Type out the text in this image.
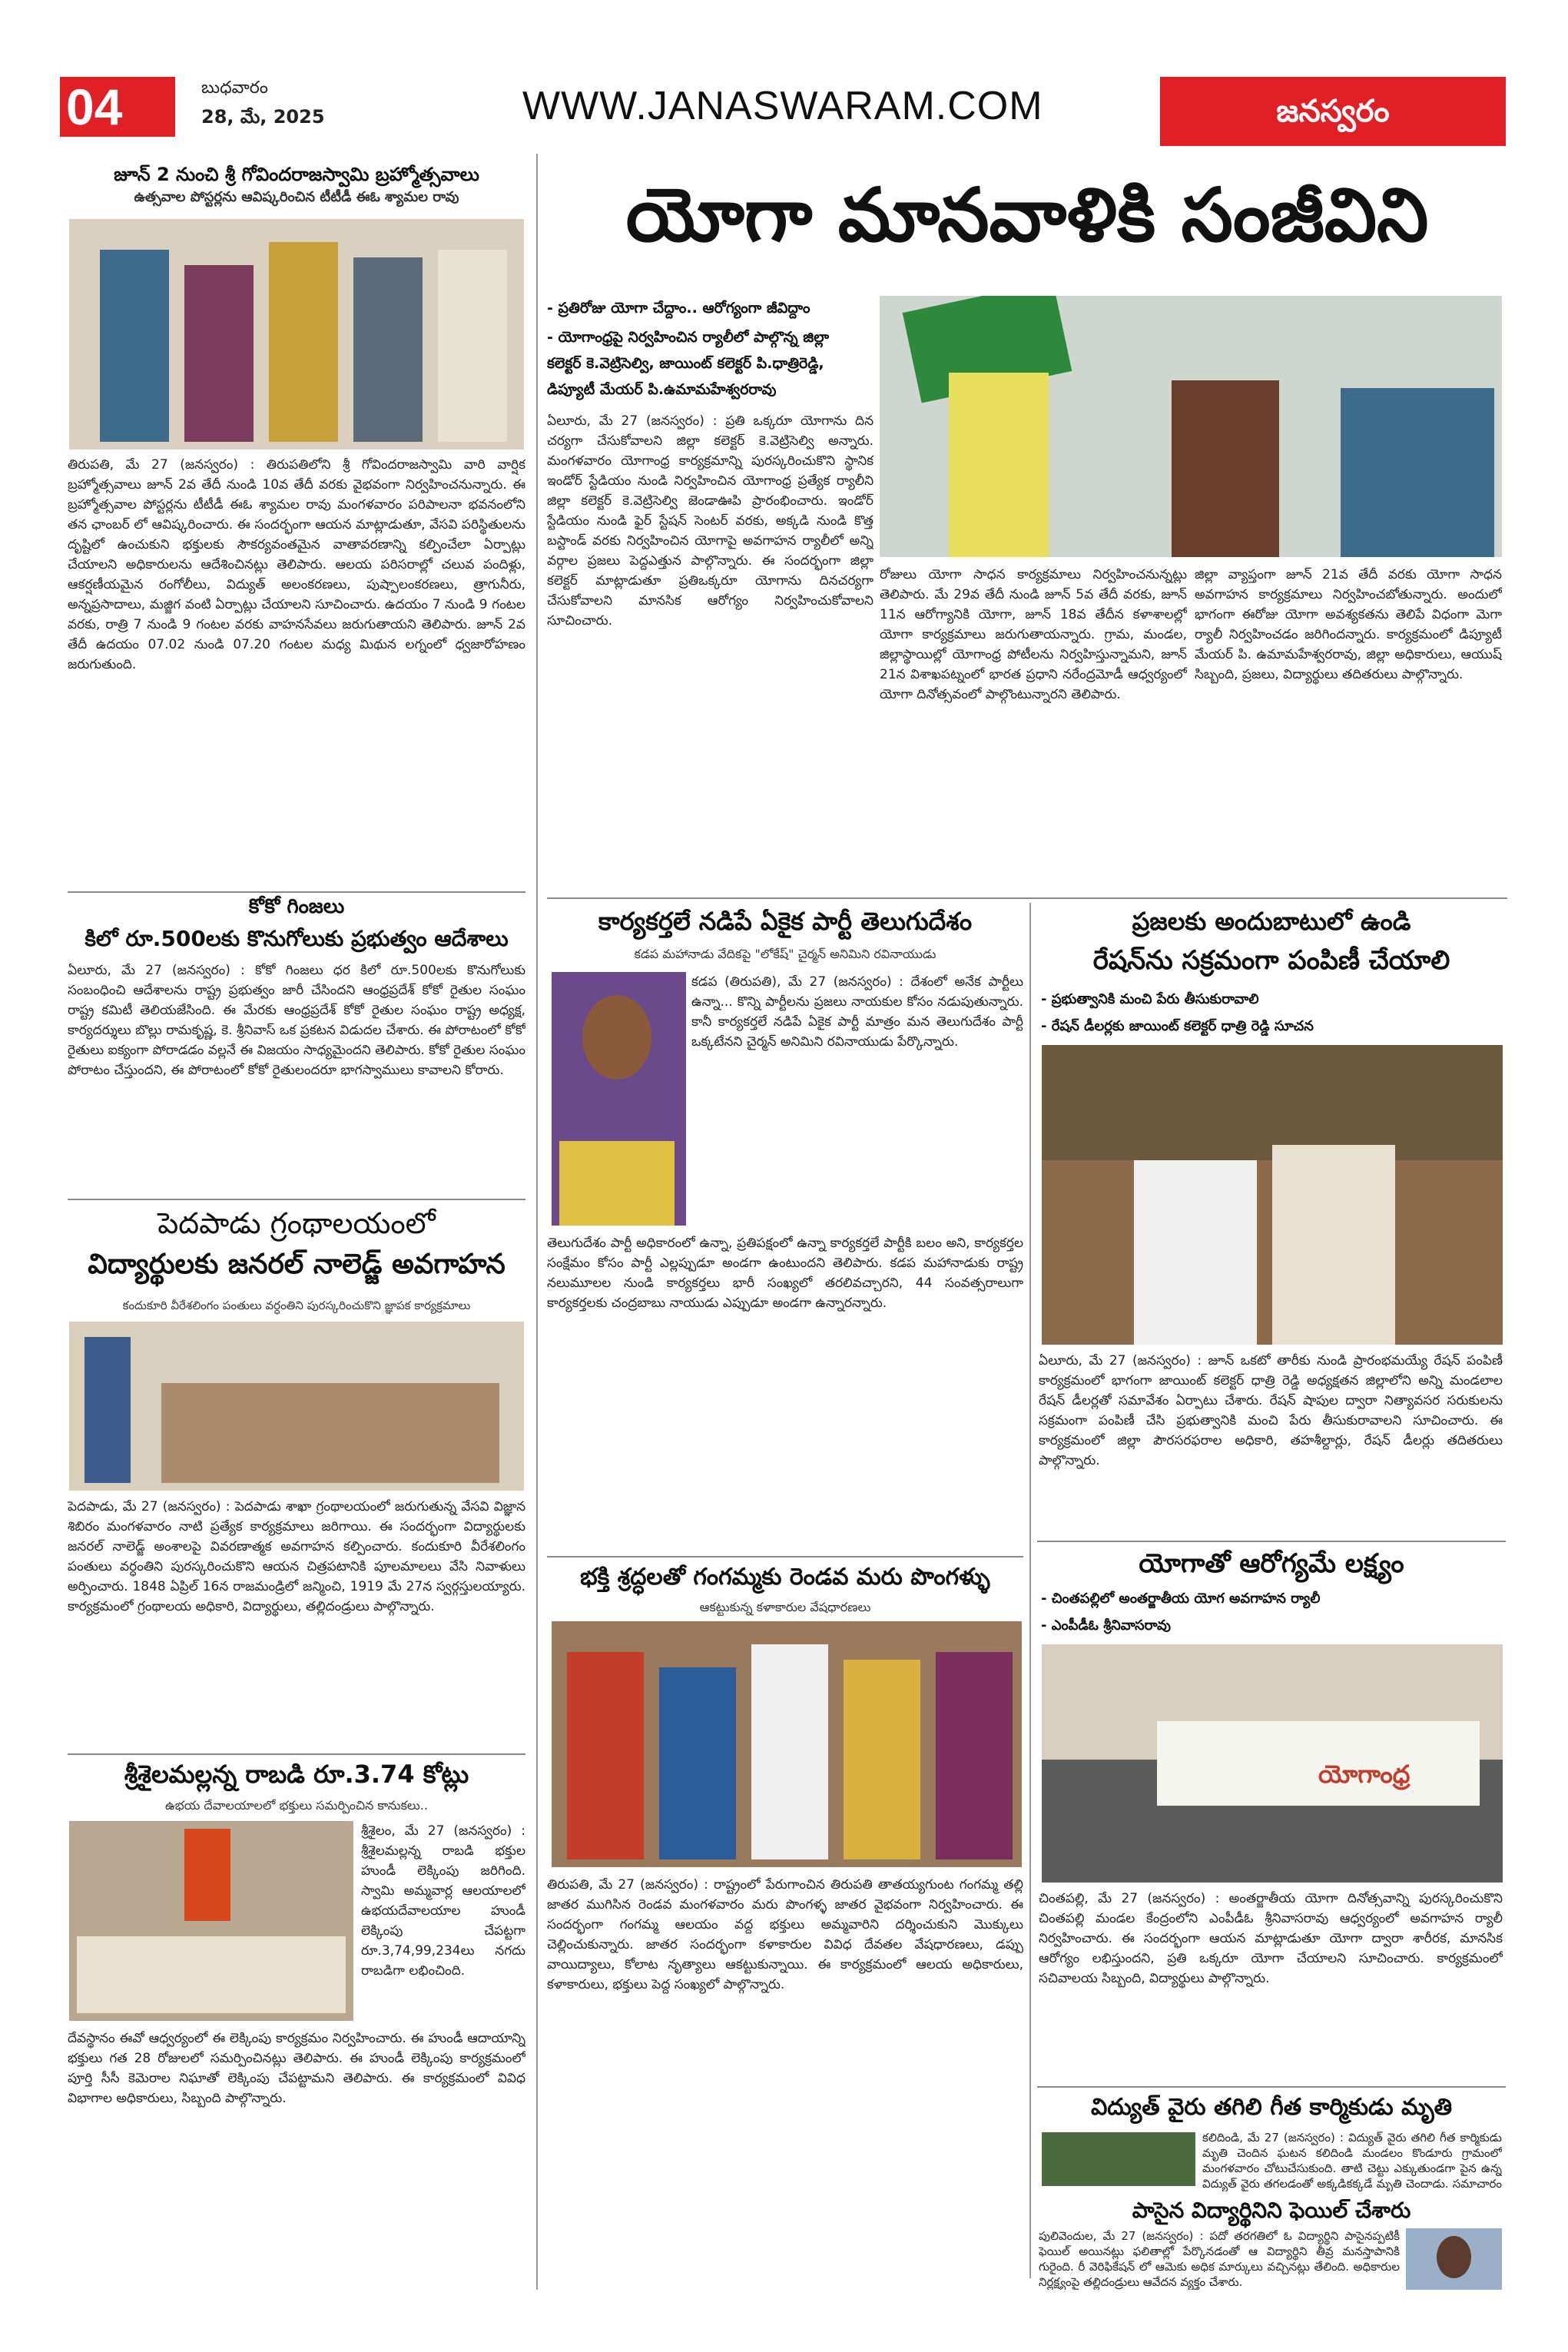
04	బుధవారం
28, మే, 2025	WWW.JANASWARAM.COM	జనస్వరం
జూన్ 2 నుంచి శ్రీ గోవిందరాజస్వామి బ్రహ్మోత్సవాలు
ఉత్సవాల పోస్టర్లను ఆవిష్కరించిన టీటీడీ ఈఓ శ్యామల రావు
తిరుపతి, మే 27 (జనస్వరం) : తిరుపతిలోని శ్రీ గోవిందరాజస్వామి వారి వార్షిక బ్రహ్మోత్సవాలు జూన్ 2వ తేదీ నుండి 10వ తేదీ వరకు వైభవంగా నిర్వహించనున్నారు. ఈ బ్రహ్మోత్సవాల పోస్టర్లను టీటీడీ ఈఓ శ్యామల రావు మంగళవారం పరిపాలనా భవనంలోని తన ఛాంబర్ లో ఆవిష్కరించారు. ఈ సందర్భంగా ఆయన మాట్లాడుతూ, వేసవి పరిస్థితులను దృష్టిలో ఉంచుకుని భక్తులకు సౌకర్యవంతమైన వాతావరణాన్ని కల్పించేలా ఏర్పాట్లు చేయాలని అధికారులను ఆదేశించినట్లు తెలిపారు. ఆలయ పరిసరాల్లో చలువ పందిళ్లు, ఆకర్షణీయమైన రంగోలీలు, విద్యుత్ అలంకరణలు, పుష్పాలంకరణలు, త్రాగునీరు, అన్నప్రసాదాలు, మజ్జిగ వంటి ఏర్పాట్లు చేయాలని సూచించారు. ఉదయం 7 నుండి 9 గంటల వరకు, రాత్రి 7 నుండి 9 గంటల వరకు వాహనసేవలు జరుగుతాయని తెలిపారు. జూన్ 2వ తేదీ ఉదయం 07.02 నుండి 07.20 గంటల మధ్య మిథున లగ్నంలో ధ్వజారోహణం జరుగుతుంది.
కోకో గింజలు
కిలో రూ.500లకు కొనుగోలుకు ప్రభుత్వం ఆదేశాలు
ఏలూరు, మే 27 (జనస్వరం) : కోకో గింజలు ధర కిలో రూ.500లకు కొనుగోలుకు సంబంధించి ఆదేశాలను రాష్ట్ర ప్రభుత్వం జారీ చేసిందని ఆంధ్రప్రదేశ్ కోకో రైతుల సంఘం రాష్ట్ర కమిటీ తెలియజేసింది. ఈ మేరకు ఆంధ్రప్రదేశ్ కోకో రైతుల సంఘం రాష్ట్ర అధ్యక్ష, కార్యదర్శులు బొల్లు రామకృష్ణ, కె. శ్రీనివాస్ ఒక ప్రకటన విడుదల చేశారు. ఈ పోరాటంలో కోకో రైతులు ఐక్యంగా పోరాడడం వల్లనే ఈ విజయం సాధ్యమైందని తెలిపారు. కోకో రైతుల సంఘం పోరాటం చేస్తుందని, ఈ పోరాటంలో కోకో రైతులందరూ భాగస్వాములు కావాలని కోరారు.
పెదపాడు గ్రంథాలయంలో
విద్యార్థులకు జనరల్ నాలెడ్జ్ అవగాహన
కందుకూరి వీరేశలింగం పంతులు వర్ధంతిని పురస్కరించుకొని జ్ఞాపక కార్యక్రమాలు
పెదపాడు, మే 27 (జనస్వరం) : పెదపాడు శాఖా గ్రంథాలయంలో జరుగుతున్న వేసవి విజ్ఞాన శిబిరం మంగళవారం నాటి ప్రత్యేక కార్యక్రమాలు జరిగాయి. ఈ సందర్భంగా విద్యార్థులకు జనరల్ నాలెడ్జ్ అంశాలపై వివరణాత్మక అవగాహన కల్పించారు. కందుకూరి వీరేశలింగం పంతులు వర్ధంతిని పురస్కరించుకొని ఆయన చిత్రపటానికి పూలమాలలు వేసి నివాళులు అర్పించారు. 1848 ఏప్రిల్ 16న రాజమండ్రిలో జన్మించి, 1919 మే 27న స్వర్గస్తులయ్యారు. కార్యక్రమంలో గ్రంథాలయ అధికారి, విద్యార్థులు, తల్లిదండ్రులు పాల్గొన్నారు.
శ్రీశైలమల్లన్న రాబడి రూ.3.74 కోట్లు
ఉభయ దేవాలయాలలో భక్తులు సమర్పించిన కానుకలు..
శ్రీశైలం, మే 27 (జనస్వరం) : శ్రీశైలమల్లన్న రాబడి భక్తుల హుండీ లెక్కింపు జరిగింది. స్వామి అమ్మవార్ల ఆలయాలలో ఉభయదేవాలయాల హుండీ లెక్కింపు చేపట్టగా రూ.3,74,99,234లు నగదు రాబడిగా లభించింది.
దేవస్థానం ఈవో ఆధ్వర్యంలో ఈ లెక్కింపు కార్యక్రమం నిర్వహించారు. ఈ హుండీ ఆదాయాన్ని భక్తులు గత 28 రోజులలో సమర్పించినట్లు తెలిపారు. ఈ హుండీ లెక్కింపు కార్యక్రమంలో పూర్తి సీసీ కెమెరాల నిఘాతో లెక్కింపు చేపట్టామని తెలిపారు. ఈ కార్యక్రమంలో వివిధ విభాగాల అధికారులు, సిబ్బంది పాల్గొన్నారు.
యోగా మానవాళికి సంజీవిని
- ప్రతిరోజు యోగా చేద్దాం.. ఆరోగ్యంగా జీవిద్దాం
- యోగాంధ్రపై నిర్వహించిన ర్యాలీలో పాల్గొన్న జిల్లా
కలెక్టర్ కె.వెట్రిసెల్వి, జాయింట్ కలెక్టర్ పి.ధాత్రిరెడ్డి,
డిప్యూటీ మేయర్ పి.ఉమామహేశ్వరరావు
ఏలూరు, మే 27 (జనస్వరం) : ప్రతి ఒక్కరూ యోగాను దిన చర్యగా చేసుకోవాలని జిల్లా కలెక్టర్ కె.వెట్రిసెల్వి అన్నారు. మంగళవారం యోగాంధ్ర కార్యక్రమాన్ని పురస్కరించుకొని స్థానిక ఇండోర్ స్టేడియం నుండి నిర్వహించిన యోగాంధ్ర ప్రత్యేక ర్యాలీని జిల్లా కలెక్టర్ కె.వెట్రిసెల్వి జెండాఊపి ప్రారంభించారు. ఇండోర్ స్టేడియం నుండి ఫైర్ స్టేషన్ సెంటర్ వరకు, అక్కడి నుండి కొత్త బస్టాండ్ వరకు నిర్వహించిన యోగాపై అవగాహన ర్యాలీలో అన్ని వర్గాల ప్రజలు పెద్దఎత్తున పాల్గొన్నారు. ఈ సందర్భంగా జిల్లా కలెక్టర్ మాట్లాడుతూ ప్రతిఒక్కరూ యోగాను దినచర్యగా చేసుకోవాలని మానసిక ఆరోగ్యం నిర్వహించుకోవాలని సూచించారు.
రోజులు యోగా సాధన కార్యక్రమాలు నిర్వహించనున్నట్లు తెలిపారు. మే 29వ తేదీ నుండి జూన్ 5వ తేదీ వరకు, జూన్ 11న ఆరోగ్యానికి యోగా, జూన్ 18వ తేదీన కళాశాలల్లో యోగా కార్యక్రమాలు జరుగుతాయన్నారు. గ్రామ, మండల, జిల్లాస్థాయిల్లో యోగాంధ్ర పోటీలను నిర్వహిస్తున్నామని, జూన్ 21న విశాఖపట్నంలో భారత ప్రధాని నరేంద్రమోడీ ఆధ్వర్యంలో యోగా దినోత్సవంలో పాల్గొంటున్నారని తెలిపారు.
జిల్లా వ్యాప్తంగా జూన్ 21వ తేదీ వరకు యోగా సాధన అవగాహన కార్యక్రమాలు నిర్వహించబోతున్నారు. అందులో భాగంగా ఈరోజు యోగా అవశ్యకతను తెలిపే విధంగా మెగా ర్యాలీ నిర్వహించడం జరిగిందన్నారు. కార్యక్రమంలో డిప్యూటీ మేయర్ పి. ఉమామహేశ్వరరావు, జిల్లా అధికారులు, ఆయుష్ సిబ్బంది, ప్రజలు, విద్యార్థులు తదితరులు పాల్గొన్నారు.
కార్యకర్తలే నడిపే ఏకైక పార్టీ తెలుగుదేశం
కడప మహానాడు వేదికపై "లోకేష్" చైర్మన్ అనిమిని రవినాయుడు
కడప (తిరుపతి), మే 27 (జనస్వరం) : దేశంలో అనేక పార్టీలు ఉన్నా... కొన్ని పార్టీలను ప్రజలు నాయకుల కోసం నడుపుతున్నారు. కానీ కార్యకర్తలే నడిపే ఏకైక పార్టీ మాత్రం మన తెలుగుదేశం పార్టీ ఒక్కటేనని చైర్మన్ అనిమిని రవినాయుడు పేర్కొన్నారు.
తెలుగుదేశం పార్టీ అధికారంలో ఉన్నా, ప్రతిపక్షంలో ఉన్నా కార్యకర్తలే పార్టీకి బలం అని, కార్యకర్తల సంక్షేమం కోసం పార్టీ ఎల్లప్పుడూ అండగా ఉంటుందని తెలిపారు. కడప మహానాడుకు రాష్ట్ర నలుమూలల నుండి కార్యకర్తలు భారీ సంఖ్యలో తరలివచ్చారని, 44 సంవత్సరాలుగా కార్యకర్తలకు చంద్రబాబు నాయుడు ఎప్పుడూ అండగా ఉన్నారన్నారు.
భక్తి శ్రద్ధలతో గంగమ్మకు రెండవ మరు పొంగళ్ళు
ఆకట్టుకున్న కళాకారుల వేషధారణలు
తిరుపతి, మే 27 (జనస్వరం) : రాష్ట్రంలో పేరుగాంచిన తిరుపతి తాతయ్యగుంట గంగమ్మ తల్లి జాతర ముగిసిన రెండవ మంగళవారం మరు పొంగళ్ళ జాతర వైభవంగా నిర్వహించారు. ఈ సందర్భంగా గంగమ్మ ఆలయం వద్ద భక్తులు అమ్మవారిని దర్శించుకుని మొక్కులు చెల్లించుకున్నారు. జాతర సందర్భంగా కళాకారుల వివిధ దేవతల వేషధారణలు, డప్పు వాయిద్యాలు, కోలాట నృత్యాలు ఆకట్టుకున్నాయి. ఈ కార్యక్రమంలో ఆలయ అధికారులు, కళాకారులు, భక్తులు పెద్ద సంఖ్యలో పాల్గొన్నారు.
ప్రజలకు అందుబాటులో ఉండి
రేషన్‌ను సక్రమంగా పంపిణీ చేయాలి
- ప్రభుత్వానికి మంచి పేరు తీసుకురావాలి
- రేషన్ డీలర్లకు జాయింట్ కలెక్టర్ ధాత్రి రెడ్డి సూచన
ఏలూరు, మే 27 (జనస్వరం) : జూన్ ఒకటో తారీకు నుండి ప్రారంభమయ్యే రేషన్ పంపిణీ కార్యక్రమంలో భాగంగా జాయింట్ కలెక్టర్ ధాత్రి రెడ్డి అధ్యక్షతన జిల్లాలోని అన్ని మండలాల రేషన్ డీలర్లతో సమావేశం ఏర్పాటు చేశారు. రేషన్ షాపుల ద్వారా నిత్యావసర సరుకులను సక్రమంగా పంపిణీ చేసి ప్రభుత్వానికి మంచి పేరు తీసుకురావాలని సూచించారు. ఈ కార్యక్రమంలో జిల్లా పౌరసరఫరాల అధికారి, తహశీల్దార్లు, రేషన్ డీలర్లు తదితరులు పాల్గొన్నారు.
యోగాతో ఆరోగ్యమే లక్ష్యం
- చింతపల్లిలో అంతర్జాతీయ యోగ అవగాహన ర్యాలీ
- ఎంపీడీఓ శ్రీనివాసరావు
యోగాంధ్ర
చింతపల్లి, మే 27 (జనస్వరం) : అంతర్జాతీయ యోగా దినోత్సవాన్ని పురస్కరించుకొని చింతపల్లి మండల కేంద్రంలోని ఎంపీడీఓ శ్రీనివాసరావు ఆధ్వర్యంలో అవగాహన ర్యాలీ నిర్వహించారు. ఈ సందర్భంగా ఆయన మాట్లాడుతూ యోగా ద్వారా శారీరక, మానసిక ఆరోగ్యం లభిస్తుందని, ప్రతి ఒక్కరూ యోగా చేయాలని సూచించారు. కార్యక్రమంలో సచివాలయ సిబ్బంది, విద్యార్థులు పాల్గొన్నారు.
విద్యుత్ వైరు తగిలి గీత కార్మికుడు మృతి
కలిదిండి, మే 27 (జనస్వరం) : విద్యుత్ వైరు తగిలి గీత కార్మికుడు మృతి చెందిన ఘటన కలిదిండి మండలం కొండూరు గ్రామంలో మంగళవారం చోటుచేసుకుంది. తాటి చెట్టు ఎక్కుతుండగా పైన ఉన్న విద్యుత్ వైరు తగలడంతో అక్కడికక్కడే మృతి చెందాడు. సమాచారం
పాసైన విద్యార్థినిని ఫెయిల్ చేశారు
పులివెందుల, మే 27 (జనస్వరం) : పదో తరగతిలో ఓ విద్యార్థిని పాసైనప్పటికీ ఫెయిల్ అయినట్లు ఫలితాల్లో పేర్కొనడంతో ఆ విద్యార్థిని తీవ్ర మనస్తాపానికి గురైంది. రీ వెరిఫికేషన్ లో ఆమెకు అధిక మార్కులు వచ్చినట్లు తేలింది. అధికారుల నిర్లక్ష్యంపై తల్లిదండ్రులు ఆవేదన వ్యక్తం చేశారు.
